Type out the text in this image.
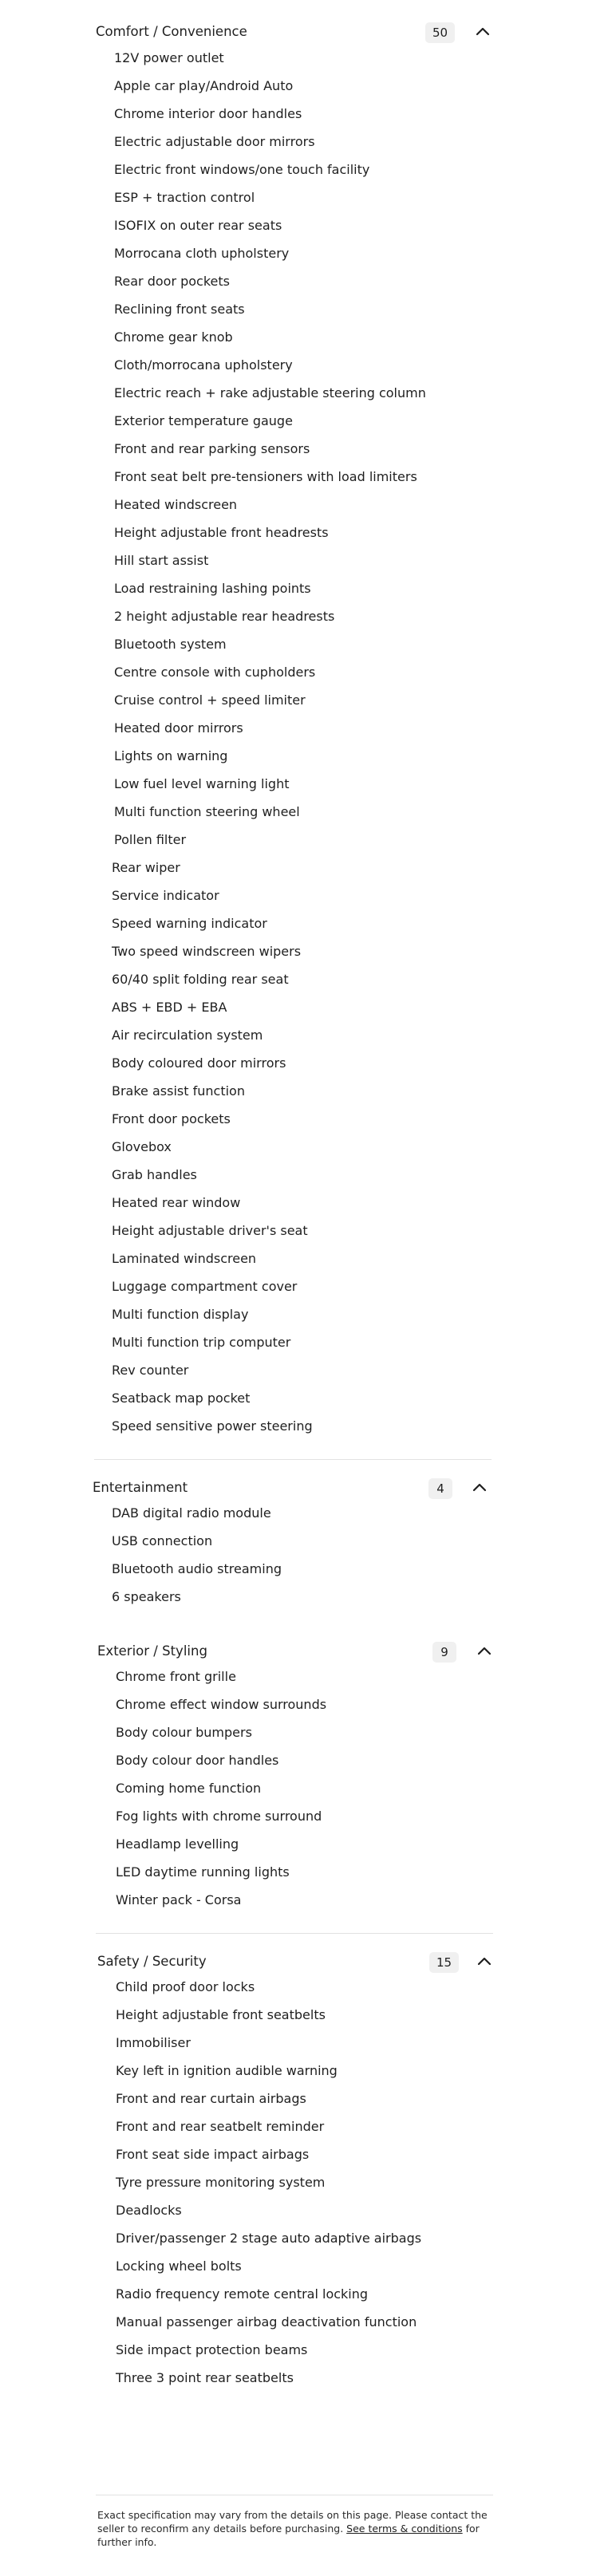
Comfort / Convenience	50
12V power outlet
Apple car play/Android Auto
Chrome interior door handles
Electric adjustable door mirrors
Electric front windows/one touch facility
ESP + traction control
ISOFIX on outer rear seats
Morrocana cloth upholstery
Rear door pockets
Reclining front seats
Chrome gear knob
Cloth/morrocana upholstery
Electric reach + rake adjustable steering column
Exterior temperature gauge
Front and rear parking sensors
Front seat belt pre-tensioners with load limiters
Heated windscreen
Height adjustable front headrests
Hill start assist
Load restraining lashing points
2 height adjustable rear headrests
Bluetooth system
Centre console with cupholders
Cruise control + speed limiter
Heated door mirrors
Lights on warning
Low fuel level warning light
Multi function steering wheel
Pollen filter
Rear wiper
Service indicator
Speed warning indicator
Two speed windscreen wipers
60/40 split folding rear seat
ABS + EBD + EBA
Air recirculation system
Body coloured door mirrors
Brake assist function
Front door pockets
Glovebox
Grab handles
Heated rear window
Height adjustable driver's seat
Laminated windscreen
Luggage compartment cover
Multi function display
Multi function trip computer
Rev counter
Seatback map pocket
Speed sensitive power steering
Entertainment	4
DAB digital radio module
USB connection
Bluetooth audio streaming
6 speakers
Exterior / Styling	9
Chrome front grille
Chrome effect window surrounds
Body colour bumpers
Body colour door handles
Coming home function
Fog lights with chrome surround
Headlamp levelling
LED daytime running lights
Winter pack - Corsa
Safety / Security	15
Child proof door locks
Height adjustable front seatbelts
Immobiliser
Key left in ignition audible warning
Front and rear curtain airbags
Front and rear seatbelt reminder
Front seat side impact airbags
Tyre pressure monitoring system
Deadlocks
Driver/passenger 2 stage auto adaptive airbags
Locking wheel bolts
Radio frequency remote central locking
Manual passenger airbag deactivation function
Side impact protection beams
Three 3 point rear seatbelts
Exact specification may vary from the details on this page. Please contact the seller to reconfirm any details before purchasing. See terms & conditions for further info.
